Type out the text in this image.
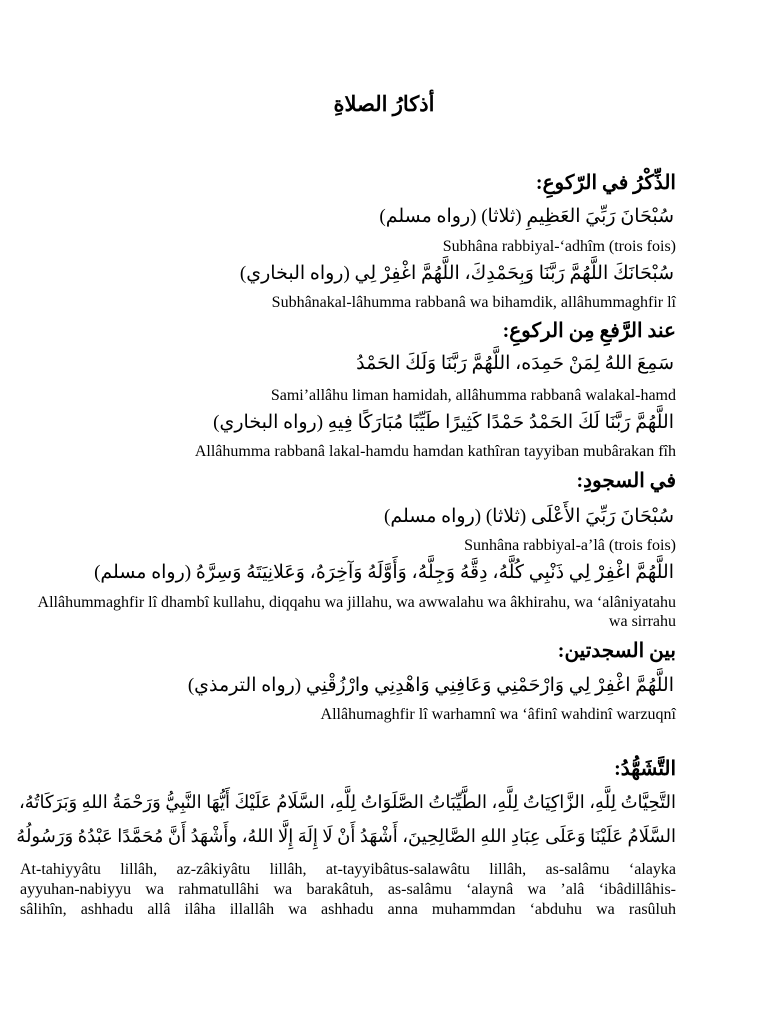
أذكارُ الصلاةِ
الذِّكْرُ في الرّكوعِ:
سُبْحَانَ رَبِّيَ العَظِيمِ (ثلاثا) (رواه مسلم)
Subhâna rabbiyal-‘adhîm (trois fois)
سُبْحَانَكَ اللَّهُمَّ رَبَّنَا وَبِحَمْدِكَ، اللَّهُمَّ اغْفِرْ لِي (رواه البخاري)
Subhânakal-lâhumma rabbanâ wa bihamdik, allâhummaghfir lî
عند الرَّفعِ مِن الركوعِ:
سَمِعَ اللهُ لِمَنْ حَمِدَه، اللَّهُمَّ رَبَّنَا وَلَكَ الحَمْدُ
Sami’allâhu liman hamidah, allâhumma rabbanâ walakal-hamd
اللَّهُمَّ رَبَّنَا لَكَ الحَمْدُ حَمْدًا كَثِيرًا طَيِّبًا مُبَارَكًا فِيهِ (رواه البخاري)
Allâhumma rabbanâ lakal-hamdu hamdan kathîran tayyiban mubârakan fîh
في السجودِ:
سُبْحَانَ رَبِّيَ الأَعْلَى (ثلاثا) (رواه مسلم)
Sunhâna rabbiyal-a’lâ (trois fois)
اللَّهُمَّ اغْفِرْ لِي ذَنْبِي كُلَّهُ، دِقَّهُ وَجِلَّهُ، وَأَوَّلَهُ وَآخِرَهُ، وَعَلانِيَتَهُ وَسِرَّهُ (رواه مسلم)
Allâhummaghfir lî dhambî kullahu, diqqahu wa jillahu, wa awwalahu wa âkhirahu, wa ‘alâniyatahu wa sirrahu
بين السجدتين:
اللَّهُمَّ اغْفِرْ لِي وَارْحَمْنِي وَعَافِنِي وَاهْدِنِي وارْزُقْنِي (رواه الترمذي)
Allâhumaghfir lî warhamnî wa ‘âfinî wahdinî warzuqnî
التَّشَهُّدُ:
التَّحِيَّاتُ لِلَّهِ، الزَّاكِيَاتُ لِلَّهِ، الطَّيِّبَاتُ الصَّلَوَاتُ لِلَّهِ، السَّلَامُ عَلَيْكَ أَيُّهَا النَّبِيُّ وَرَحْمَةُ اللهِ وَبَرَكَاتُهُ،
السَّلَامُ عَلَيْنَا وَعَلَى عِبَادِ اللهِ الصَّالِحِينَ، أَشْهَدُ أَنْ لَا إِلَهَ إِلَّا اللهُ، وأَشْهَدُ أَنَّ مُحَمَّدًا عَبْدُهُ وَرَسُولُهُ
At-tahiyyâtu lillâh, az-zâkiyâtu lillâh, at-tayyibâtus-salawâtu lillâh, as-salâmu ‘alayka
ayyuhan-nabiyyu wa rahmatullâhi wa barakâtuh, as-salâmu ‘alaynâ wa ’alâ ‘ibâdillâhis-
sâlihîn, ashhadu allâ ilâha illallâh wa ashhadu anna muhammdan ‘abduhu wa rasûluh
